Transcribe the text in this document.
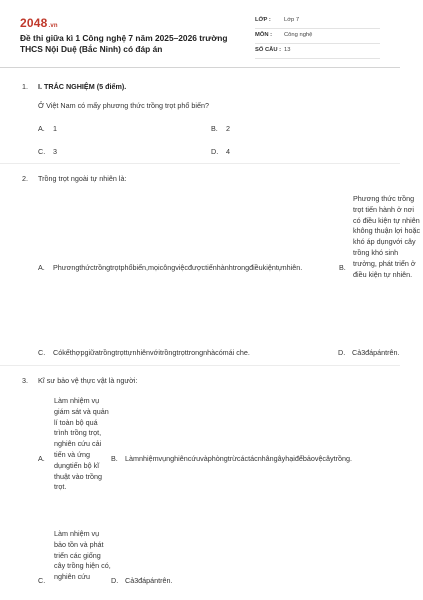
2048.vn
Đề thi giữa kì 1 Công nghệ 7 năm 2025–2026 trường THCS Nội Duệ (Bắc Ninh) có đáp án
LỚP : Lớp 7
MÔN : Công nghệ
SỐ CÂU : 13
1. I. TRẮC NGHIỆM (5 điểm).
Ở Việt Nam có mấy phương thức trồng trọt phổ biến?
A. 1	B. 2
C. 3	D. 4
2. Trồng trọt ngoài tự nhiên là:
A. Phươngthứctrồngtrọtphổbiến,mọicôngviệcđượctiếnhànhtrongđiềukiệntựnhiên.	B.
Phương thức trồng trọt tiến hành ở nơi có điều kiện tự nhiên không thuận lợi hoặc khó áp dụngvới cây trồng khó sinh trưởng, phát triển ở điều kiện tự nhiên.
C. Cókếthợpgiữatrồngtrọttựnhiênvớitrồngtrọttrongnhàcómái che.	D. Cả3đápántrên.
3. Kĩ sư bảo vệ thực vật là người:
A.
Làm nhiệm vụ giám sát và quản lí toàn bộ quá trình trồng trọt, nghiên cứu cải tiến và ứng dụngtiến bộ kĩ thuật vào trồng trọt.
B. Làmnhiệmvụnghiêncứuvàphòngtrừcáctácnhângâyhạiđểbảovệcâytrồng.
C.
Làm nhiệm vụ bảo tồn và phát triển các giống cây trồng hiện có, nghiên cứu	D. Cả3đápántrên.
